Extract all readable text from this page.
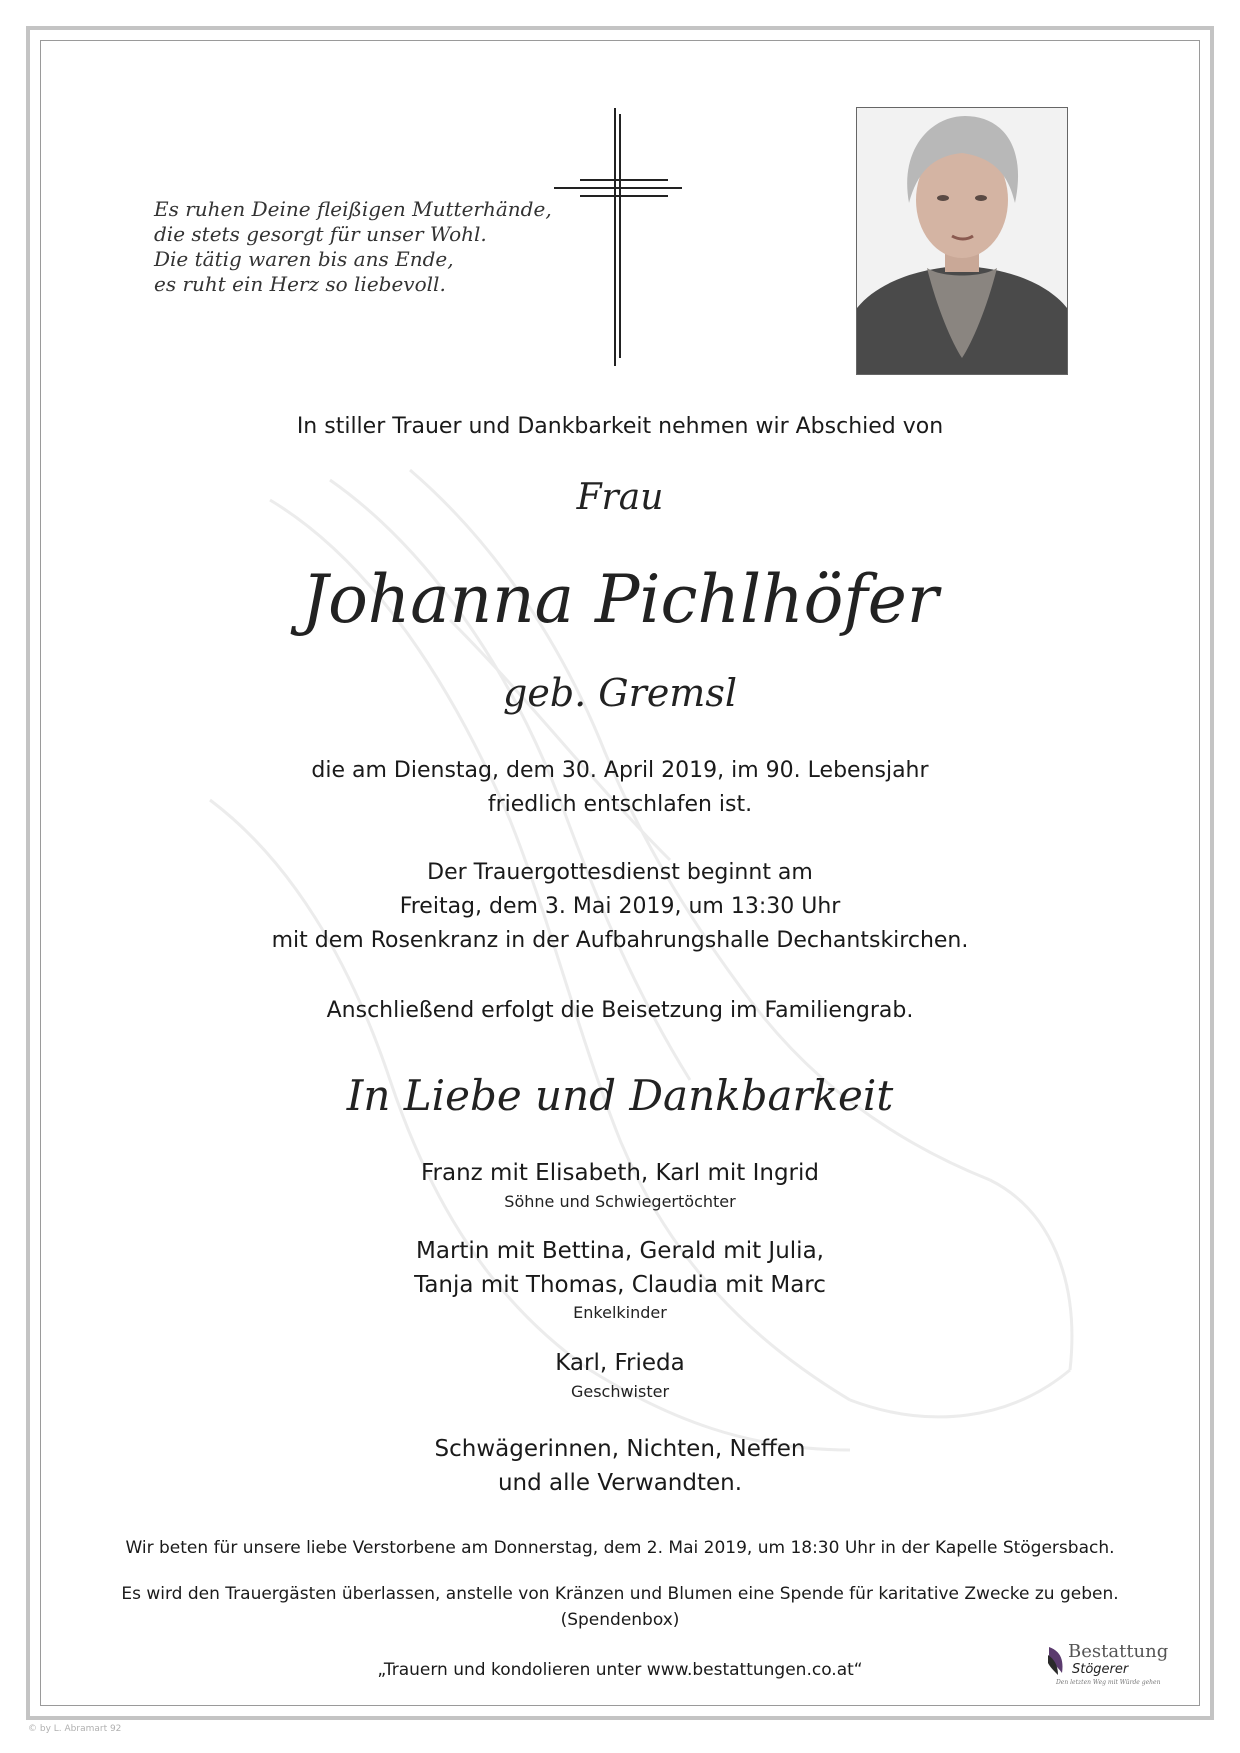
Es ruhen Deine fleißigen Mutterhände,
die stets gesorgt für unser Wohl.
Die tätig waren bis ans Ende,
es ruht ein Herz so liebevoll.
In stiller Trauer und Dankbarkeit nehmen wir Abschied von
Frau
Johanna Pichlhöfer
geb. Gremsl
die am Dienstag, dem 30. April 2019, im 90. Lebensjahr
friedlich entschlafen ist.
Der Trauergottesdienst beginnt am
Freitag, dem 3. Mai 2019, um 13:30 Uhr
mit dem Rosenkranz in der Aufbahrungshalle Dechantskirchen.
Anschließend erfolgt die Beisetzung im Familiengrab.
In Liebe und Dankbarkeit
Franz mit Elisabeth, Karl mit Ingrid
Söhne und Schwiegertöchter
Martin mit Bettina, Gerald mit Julia,
Tanja mit Thomas, Claudia mit Marc
Enkelkinder
Karl, Frieda
Geschwister
Schwägerinnen, Nichten, Neffen
und alle Verwandten.
Wir beten für unsere liebe Verstorbene am Donnerstag, dem 2. Mai 2019, um 18:30 Uhr in der Kapelle Stögersbach.
Es wird den Trauergästen überlassen, anstelle von Kränzen und Blumen eine Spende für karitative Zwecke zu geben.
(Spendenbox)
„Trauern und kondolieren unter www.bestattungen.co.at“
Bestattung
Stögerer
Den letzten Weg mit Würde gehen
© by L. Abramart 92
